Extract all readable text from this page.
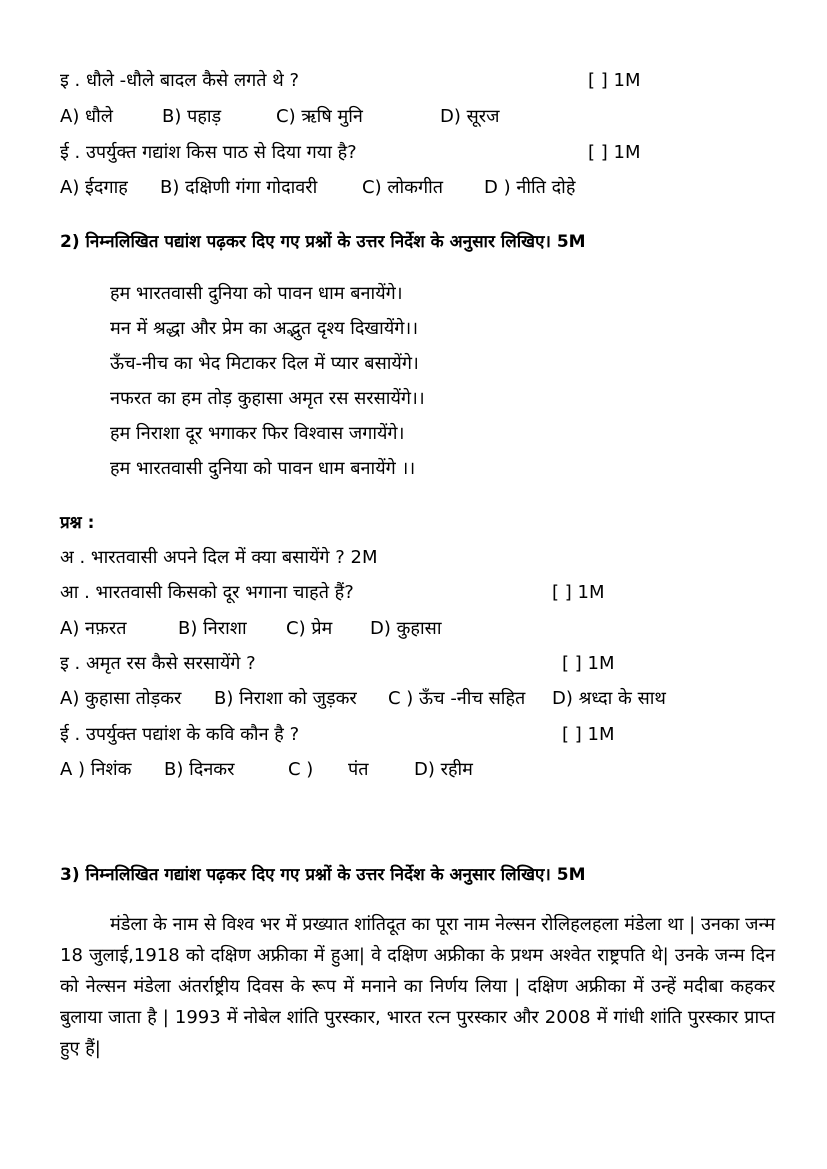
इ . धौले -धौले बादल कैसे लगते थे ?	[ ] 1M
A) धौले	B) पहाड़	C) ऋषि मुनि	D) सूरज
ई . उपर्युक्त गद्यांश किस पाठ से दिया गया है?	[ ] 1M
A) ईदगाह B) दक्षिणी गंगा गोदावरी C) लोकगीत D ) नीति दोहे
2) निम्नलिखित पद्यांश पढ़कर दिए गए प्रश्नों के उत्तर निर्देश के अनुसार लिखिए। 5M
हम भारतवासी दुनिया को पावन धाम बनायेंगे।
मन में श्रद्धा और प्रेम का अद्भुत दृश्य दिखायेंगे।।
ऊँच-नीच का भेद मिटाकर दिल में प्यार बसायेंगे।
नफरत का हम तोड़ कुहासा अमृत रस सरसायेंगे।।
हम निराशा दूर भगाकर फिर विश्वास जगायेंगे।
हम भारतवासी दुनिया को पावन धाम बनायेंगे ।।
प्रश्न :
अ . भारतवासी अपने दिल में क्या बसायेंगे ? 2M
आ . भारतवासी किसको दूर भगाना चाहते हैं?	[ ] 1M
A) नफ़रत	B) निराशा C) प्रेम D) कुहासा
इ . अमृत रस कैसे सरसायेंगे ?	[ ] 1M
A) कुहासा तोड़कर B) निराशा को जुड़कर C ) ऊँच -नीच सहित D) श्रध्दा के साथ
ई . उपर्युक्त पद्यांश के कवि कौन है ?	[ ] 1M
A ) निशंक B) दिनकर	C ) पंत	D) रहीम
3) निम्नलिखित गद्यांश पढ़कर दिए गए प्रश्नों के उत्तर निर्देश के अनुसार लिखिए। 5M
मंडेला के नाम से विश्व भर में प्रख्यात शांतिदूत का पूरा नाम नेल्सन रोलिहलहला मंडेला था | उनका जन्म 18 जुलाई,1918 को दक्षिण अफ्रीका में हुआ| वे दक्षिण अफ्रीका के प्रथम अश्वेत राष्ट्रपति थे| उनके जन्म दिन को नेल्सन मंडेला अंतर्राष्ट्रीय दिवस के रूप में मनाने का निर्णय लिया | दक्षिण अफ्रीका में उन्हें मदीबा कहकर बुलाया जाता है | 1993 में नोबेल शांति पुरस्कार, भारत रत्न पुरस्कार और 2008 में गांधी शांति पुरस्कार प्राप्त हुए हैं|
